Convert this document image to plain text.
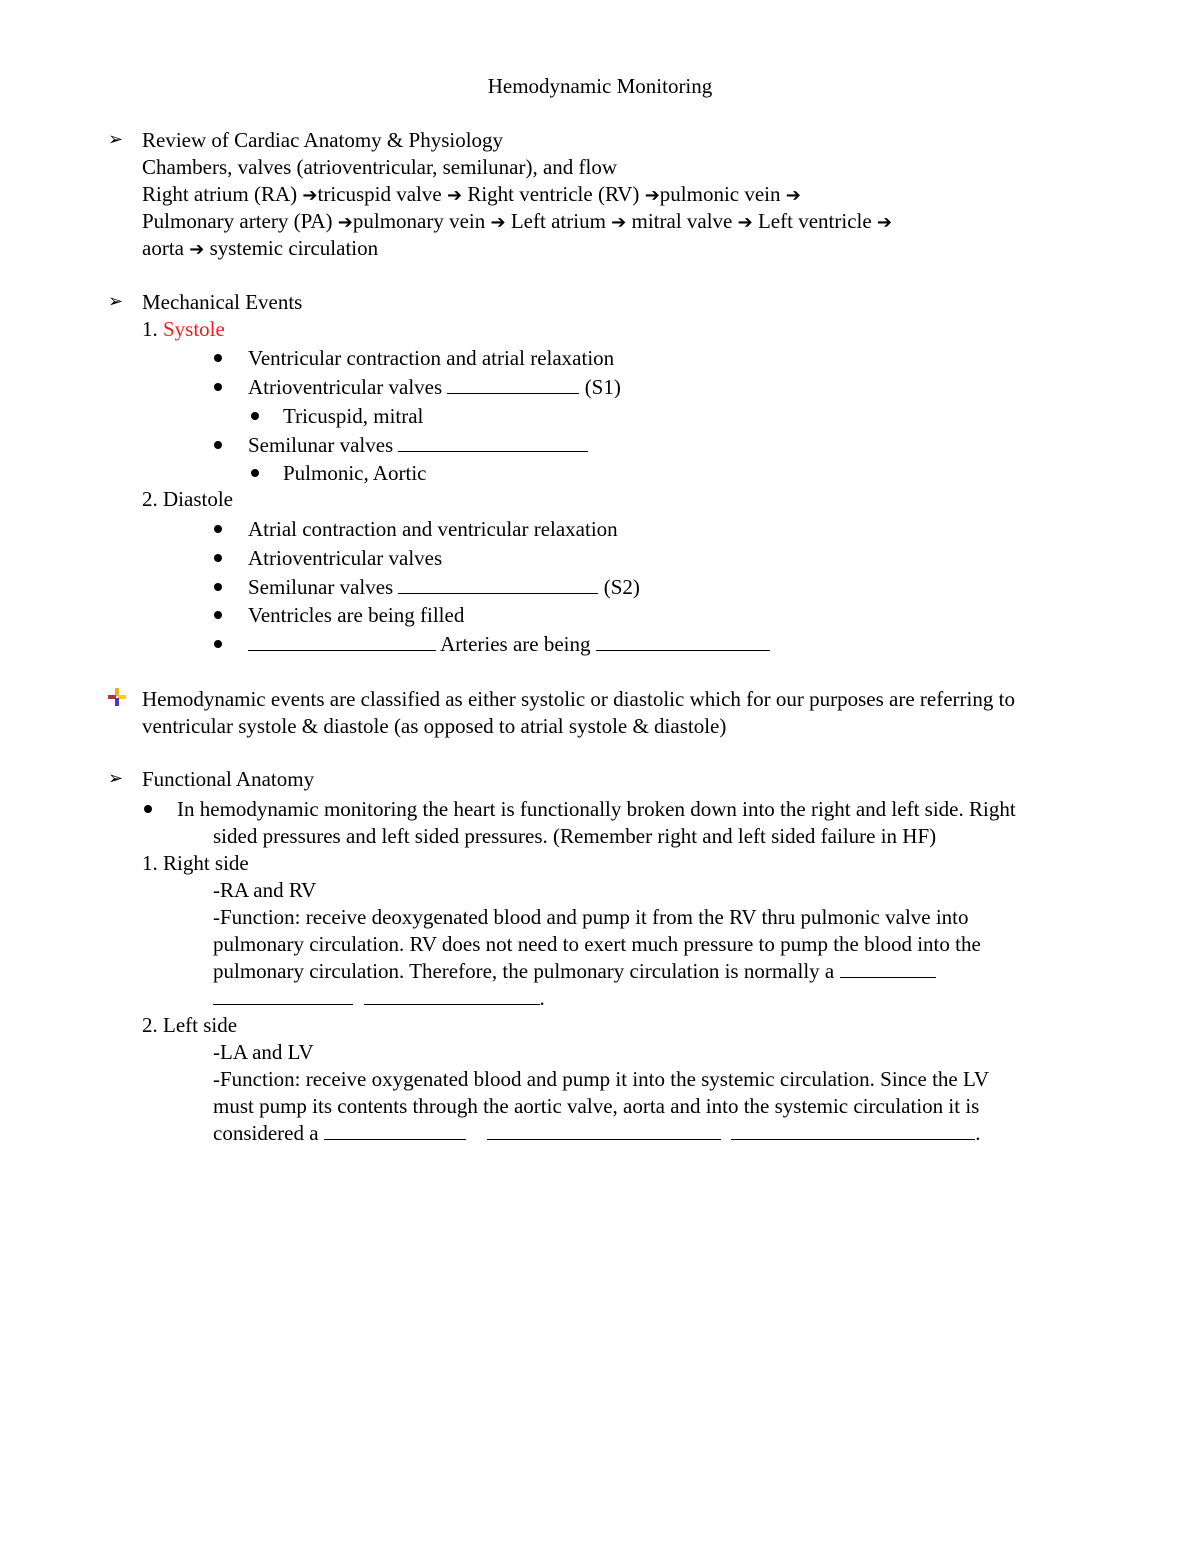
Hemodynamic Monitoring
➢ Review of Cardiac Anatomy & Physiology
Chambers, valves (atrioventricular, semilunar), and flow
Right atrium (RA) ➔tricuspid valve ➔ Right ventricle (RV) ➔pulmonic vein ➔
Pulmonary artery (PA) ➔pulmonary vein ➔ Left atrium ➔ mitral valve ➔ Left ventricle ➔
aorta ➔ systemic circulation
➢ Mechanical Events
1. Systole
Ventricular contraction and atrial relaxation
Atrioventricular valves	(S1)
Tricuspid, mitral
Semilunar valves
Pulmonic, Aortic
2. Diastole
Atrial contraction and ventricular relaxation
Atrioventricular valves
Semilunar valves	(S2)
Ventricles are being filled
Arteries are being
Hemodynamic events are classified as either systolic or diastolic which for our purposes are referring to
ventricular systole & diastole (as opposed to atrial systole & diastole)
➢ Functional Anatomy
In hemodynamic monitoring the heart is functionally broken down into the right and left side. Right
sided pressures and left sided pressures. (Remember right and left sided failure in HF)
1. Right side
-RA and RV
-Function: receive deoxygenated blood and pump it from the RV thru pulmonic valve into
pulmonary circulation. RV does not need to exert much pressure to pump the blood into the
pulmonary circulation. Therefore, the pulmonary circulation is normally a
.
2. Left side
-LA and LV
-Function: receive oxygenated blood and pump it into the systemic circulation. Since the LV
must pump its contents through the aortic valve, aorta and into the systemic circulation it is
considered a	.
